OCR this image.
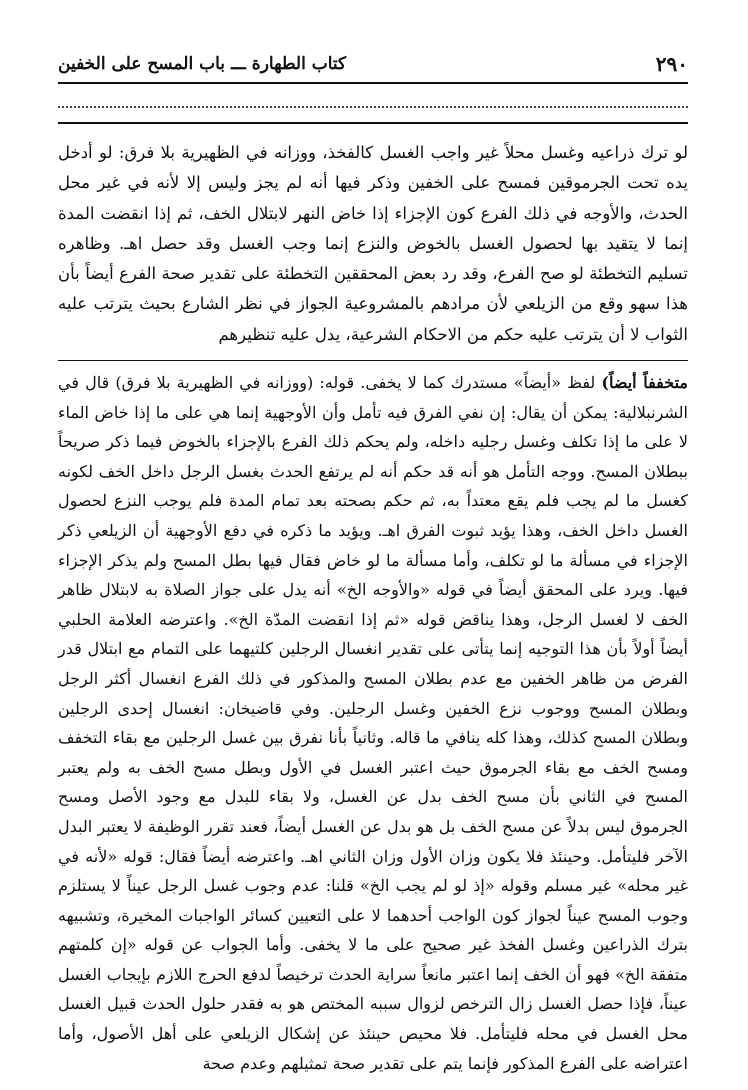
٢٩٠
كتاب الطهارة ـــ باب المسح على الخفين

لو ترك ذراعيه وغسل محلاً غير واجب الغسل كالفخذ، ووزانه في الظهيرية بلا فرق: لو أدخل يده تحت الجرموقين فمسح على الخفين وذكر فيها أنه لم يجز وليس إلا لأنه في غير محل الحدث، والأوجه في ذلك الفرع كون الإجزاء إذا خاض النهر لابتلال الخف، ثم إذا انقضت المدة إنما لا يتقيد بها لحصول الغسل بالخوض والنزع إنما وجب الغسل وقد حصل اهـ. وظاهره تسليم التخطئة لو صح الفرع، وقد رد بعض المحققين التخطئة على تقدير صحة الفرع أيضاً بأن هذا سهو وقع من الزيلعي لأن مرادهم بالمشروعية الجواز في نظر الشارع بحيث يترتب عليه الثواب لا أن يترتب عليه حكم من الاحكام الشرعية، يدل عليه تنظيرهم

متخففاً أيضاً) لفظ «أيضاً» مستدرك كما لا يخفى. قوله: (ووزانه في الظهيرية بلا فرق) قال في الشرنبلالية: يمكن أن يقال: إن نفي الفرق فيه تأمل وأن الأوجهية إنما هي على ما إذا خاض الماء لا على ما إذا تكلف وغسل رجليه داخله، ولم يحكم ذلك الفرع بالإجزاء بالخوض فيما ذكر صريحاً ببطلان المسح. ووجه التأمل هو أنه قد حكم أنه لم يرتفع الحدث بغسل الرجل داخل الخف لكونه كغسل ما لم يجب فلم يقع معتداً به، ثم حكم بصحته بعد تمام المدة فلم يوجب النزع لحصول الغسل داخل الخف، وهذا يؤيد ثبوت الفرق اهـ. ويؤيد ما ذكره في دفع الأوجهية أن الزيلعي ذكر الإجزاء في مسألة ما لو تكلف، وأما مسألة ما لو خاض فقال فيها بطل المسح ولم يذكر الإجزاء فيها. ويرد على المحقق أيضاً في قوله «والأوجه الخ» أنه يدل على جواز الصلاة به لابتلال ظاهر الخف لا لغسل الرجل، وهذا يناقض قوله «ثم إذا انقضت المدّة الخ». واعترضه العلامة الحلبي أيضاً أولاً بأن هذا التوجيه إنما يتأتى على تقدير انغسال الرجلين كلتيهما على التمام مع ابتلال قدر الفرض من ظاهر الخفين مع عدم بطلان المسح والمذكور في ذلك الفرع انغسال أكثر الرجل وبطلان المسح ووجوب نزع الخفين وغسل الرجلين. وفي قاضيخان: انغسال إحدى الرجلين وبطلان المسح كذلك، وهذا كله ينافي ما قاله. وثانياً بأنا نفرق بين غسل الرجلين مع بقاء التخفف ومسح الخف مع بقاء الجرموق حيث اعتبر الغسل في الأول وبطل مسح الخف به ولم يعتبر المسح في الثاني بأن مسح الخف بدل عن الغسل، ولا بقاء للبدل مع وجود الأصل ومسح الجرموق ليس بدلاً عن مسح الخف بل هو بدل عن الغسل أيضاً، فعند تقرر الوظيفة لا يعتبر البدل الآخر فليتأمل. وحينئذ فلا يكون وزان الأول وزان الثاني اهـ. واعترضه أيضاً فقال: قوله «لأنه في غير محله» غير مسلم وقوله «إذ لو لم يجب الخ» قلنا: عدم وجوب غسل الرجل عيناً لا يستلزم وجوب المسح عيناً لجواز كون الواجب أحدهما لا على التعيين كسائر الواجبات المخيرة، وتشبيهه بترك الذراعين وغسل الفخذ غير صحيح على ما لا يخفى. وأما الجواب عن قوله «إن كلمتهم متفقة الخ» فهو أن الخف إنما اعتبر مانعاً سراية الحدث ترخيصاً لدفع الحرج اللازم بإيجاب الغسل عيناً، فإذا حصل الغسل زال الترخص لزوال سببه المختص هو به فقدر حلول الحدث قبيل الغسل محل الغسل في محله فليتأمل. فلا محيص حينئذ عن إشكال الزيلعي على أهل الأصول، وأما اعتراضه على الفرع المذكور فإنما يتم على تقدير صحة تمثيلهم وعدم صحة
